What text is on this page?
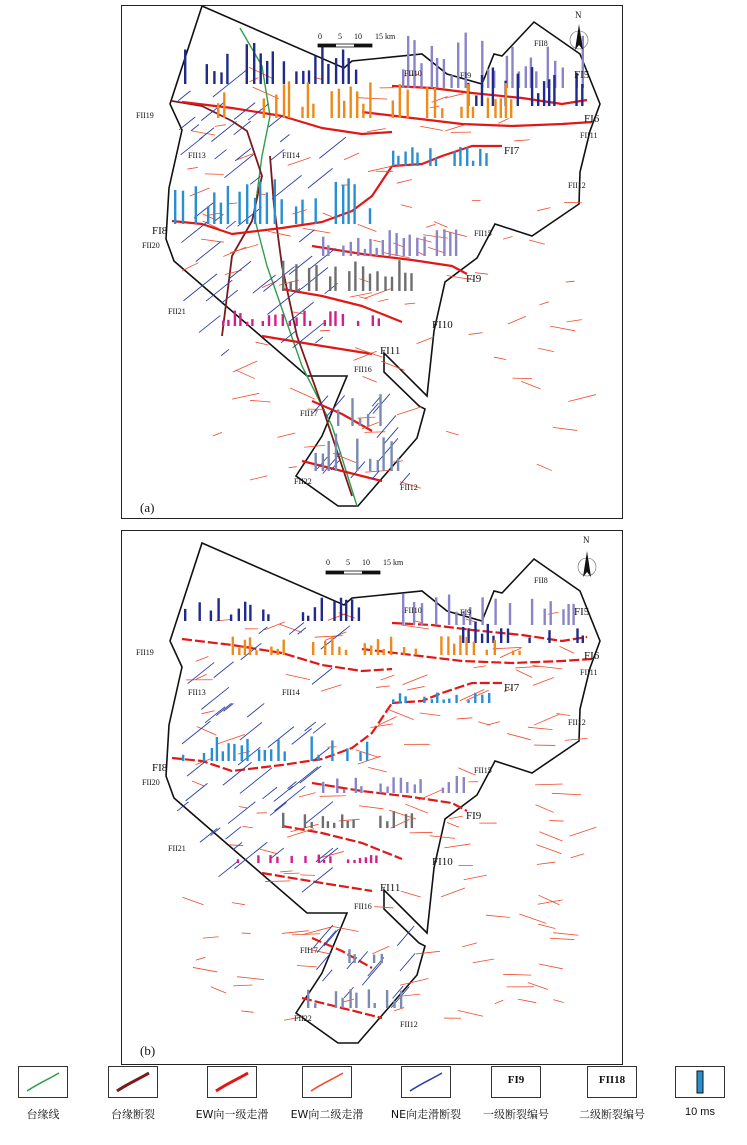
FII8
FII10	FI9	FI5
FI6
FII11
FII19
FII13	FII14	FI7
FII12
FI8
FII20
FII15
FI9
FII21
FI10
FI11
FII16
FII17
FII22
FII12
0 5 10 15 km
N
(a)
FII8
FII10	FI9	FI5
FI6
FII11
FII19
FII13	FII14	FI7
FII12
FI8
FII20
FII15
FI9
FII21
FI10
FI11
FII16
FII17
FII22
FII12
0 5 10 15 km
N
(b)
台缘线	台缘断裂	EW向一级走滑	EW向二级走滑	NE向走滑断裂
FI9
一级断裂编号
FII18
二级断裂编号	10 ms
